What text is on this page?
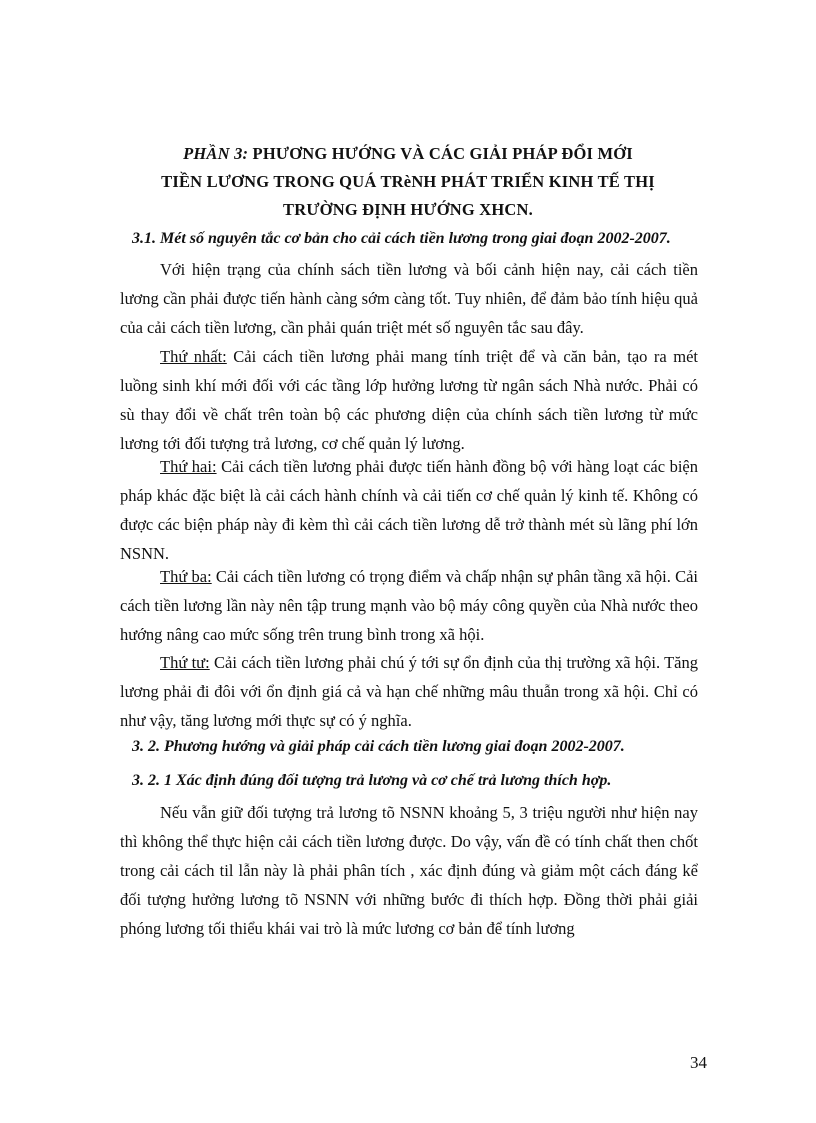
PHẦN 3: PHƯƠNG HƯỚNG VÀ CÁC GIẢI PHÁP ĐỔI MỚI
TIỀN LƯƠNG TRONG QUÁ TRèNH PHÁT TRIỂN KINH TẾ THỊ
TRƯỜNG ĐỊNH HƯỚNG XHCN.
3.1. Mét số nguyên tắc cơ bản cho cải cách tiền lương trong giai đoạn 2002-2007.

Với hiện trạng của chính sách tiền lương và bối cảnh hiện nay, cải cách tiền lương cần phải được tiến hành càng sớm càng tốt. Tuy nhiên, để đảm bảo tính hiệu quả của cải cách tiền lương, cần phải quán triệt mét số nguyên tắc sau đây.

Thứ nhất: Cải cách tiền lương phải mang tính triệt để và căn bản, tạo ra mét luồng sinh khí mới đối với các tầng lớp hưởng lương từ ngân sách Nhà nước. Phải có sù thay đổi về chất trên toàn bộ các phương diện của chính sách tiền lương từ mức lương tới đối tượng trả lương, cơ chế quản lý lương.

Thứ hai: Cải cách tiền lương phải được tiến hành đồng bộ với hàng loạt các biện pháp khác đặc biệt là cải cách hành chính và cải tiến cơ chế quản lý kinh tế. Không có được các biện pháp này đi kèm thì cải cách tiền lương dễ trở thành mét sù lãng phí lớn NSNN.

Thứ ba: Cải cách tiền lương có trọng điểm và chấp nhận sự phân tầng xã hội. Cải cách tiền lương lần này nên tập trung mạnh vào bộ máy công quyền của Nhà nước theo hướng nâng cao mức sống trên trung bình trong xã hội.

Thứ tư: Cải cách tiền lương phải chú ý tới sự ổn định của thị trường xã hội. Tăng lương phải đi đôi với ổn định giá cả và hạn chế những mâu thuẫn trong xã hội. Chỉ có như vậy, tăng lương mới thực sự có ý nghĩa.

3. 2. Phương hướng và giải pháp cải cách tiền lương giai đoạn 2002-2007.
3. 2. 1 Xác định đúng đối tượng trả lương và cơ chế trả lương thích hợp.

Nếu vẫn giữ đối tượng trả lương tõ NSNN khoảng 5, 3 triệu người như hiện nay thì không thể thực hiện cải cách tiền lương được. Do vậy, vấn đề có tính chất then chốt trong cải cách til lẫn này là phải phân tích , xác định đúng và giảm một cách đáng kể đối tượng hưởng lương tõ NSNN với những bước đi thích hợp. Đồng thời phải giải phóng lương tối thiểu khái vai trò là mức lương cơ bản để tính lương

34
